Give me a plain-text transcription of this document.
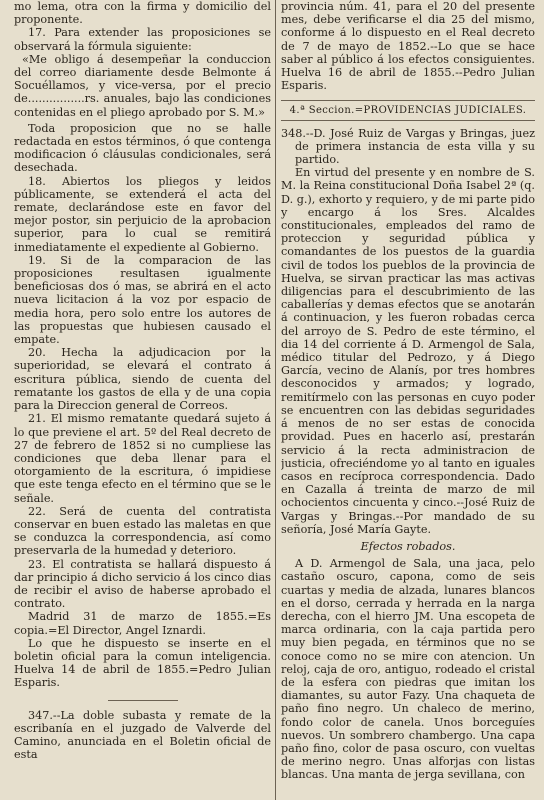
mo lema, otra con la firma y domicilio del proponente.

17. Para extender las proposiciones se observará la fórmula siguiente:

«Me obligo á desempeñar la conduccion del correo diariamente desde Belmonte á Socuéllamos, y vice-versa, por el precio de................rs. anuales, bajo las condiciones contenidas en el pliego aprobado por S. M.»

Toda proposicion que no se halle redactada en estos términos, ó que contenga modificacion ó cláusulas condicionales, será desechada.

18. Abiertos los pliegos y leidos públicamente, se extenderá el acta del remate, declarándose este en favor del mejor postor, sin perjuicio de la aprobacion superior, para lo cual se remitirá inmediatamente el expediente al Gobierno.

19. Si de la comparacion de las proposiciones resultasen igualmente beneficiosas dos ó mas, se abrirá en el acto nueva licitacion á la voz por espacio de media hora, pero solo entre los autores de las propuestas que hubiesen causado el empate.

20. Hecha la adjudicacion por la superioridad, se elevará el contrato á escritura pública, siendo de cuenta del rematante los gastos de ella y de una copia para la Direccion general de Correos.

21. El mismo rematante quedará sujeto á lo que previene el art. 5º del Real decreto de 27 de febrero de 1852 si no cumpliese las condiciones que deba llenar para el otorgamiento de la escritura, ó impidiese que este tenga efecto en el término que se le señale.

22. Será de cuenta del contratista conservar en buen estado las maletas en que se conduzca la correspondencia, así como preservarla de la humedad y deterioro.

23. El contratista se hallará dispuesto á dar principio á dicho servicio á los cinco dias de recibir el aviso de haberse aprobado el contrato.

Madrid 31 de marzo de 1855.=Es copia.=El Director, Angel Iznardi.

Lo que he dispuesto se inserte en el boletin oficial para la comun inteligencia. Huelva 14 de abril de 1855.=Pedro Julian Esparis.

347.--La doble subasta y remate de la escribanía en el juzgado de Valverde del Camino, anunciada en el Boletin oficial de esta

provincia núm. 41, para el 20 del presente mes, debe verificarse el dia 25 del mismo, conforme á lo dispuesto en el Real decreto de 7 de mayo de 1852.--Lo que se hace saber al público á los efectos consiguientes. Huelva 16 de abril de 1855.--Pedro Julian Esparis.

4.ª Seccion.=PROVIDENCIAS JUDICIALES.

348.--D. José Ruiz de Vargas y Bringas, juez de primera instancia de esta villa y su partido.

En virtud del presente y en nombre de S. M. la Reina constitucional Doña Isabel 2ª (q. D. g.), exhorto y requiero, y de mi parte pido y encargo á los Sres. Alcaldes constitucionales, empleados del ramo de proteccion y seguridad pública y comandantes de los puestos de la guardia civil de todos los pueblos de la provincia de Huelva, se sirvan practicar las mas activas diligencias para el descubrimiento de las caballerías y demas efectos que se anotarán á continuacion, y les fueron robadas cerca del arroyo de S. Pedro de este término, el dia 14 del corriente á D. Armengol de Sala, médico titular del Pedrozo, y á Diego García, vecino de Alanís, por tres hombres desconocidos y armados; y logrado, remitírmelo con las personas en cuyo poder se encuentren con las debidas seguridades á menos de no ser estas de conocida providad. Pues en hacerlo así, prestarán servicio á la recta administracion de justicia, ofreciéndome yo al tanto en iguales casos en recíproca correspondencia. Dado en Cazalla á treinta de marzo de mil ochocientos cincuenta y cinco.--José Ruiz de Vargas y Bringas.--Por mandado de su señoría, José María Gayte.

Efectos robados.

A D. Armengol de Sala, una jaca, pelo castaño oscuro, capona, como de seis cuartas y media de alzada, lunares blancos en el dorso, cerrada y herrada en la narga derecha, con el hierro JM. Una escopeta de marca ordinaria, con la caja partida pero muy bien pegada, en términos que no se conoce como no se mire con atencion. Un reloj, caja de oro, antiguo, rodeado el cristal de la esfera con piedras que imitan los diamantes, su autor Fazy. Una chaqueta de paño fino negro. Un chaleco de merino, fondo color de canela. Unos borceguíes nuevos. Un sombrero chambergo. Una capa paño fino, color de pasa oscuro, con vueltas de merino negro. Unas alforjas con listas blancas. Una manta de jerga sevillana, con
